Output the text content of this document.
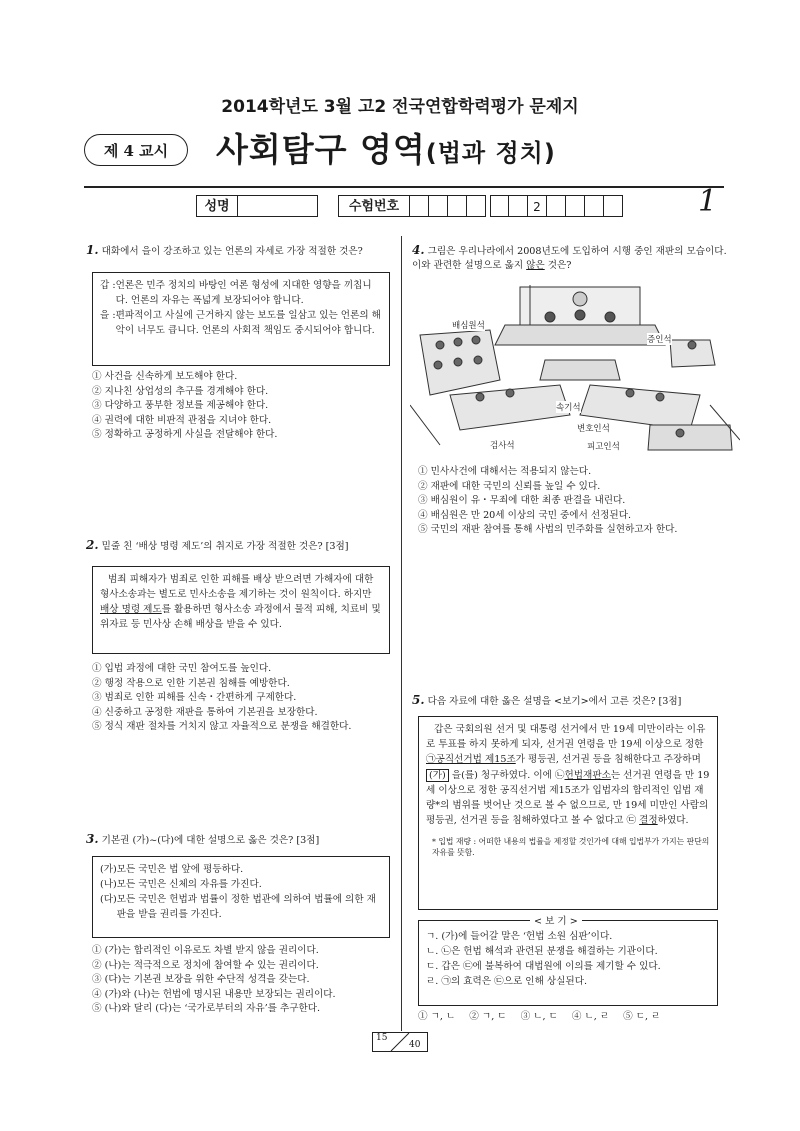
2014학년도 3월 고2 전국연합학력평가 문제지
제 4 교시	사회탐구 영역(법과 정치)
성명	수험번호	2	1
1. 대화에서 을이 강조하고 있는 언론의 자세로 가장 적절한 것은?
갑 : 언론은 민주 정치의 바탕인 여론 형성에 지대한 영향을 끼칩니다. 언론의 자유는 폭넓게 보장되어야 합니다.
을 : 편파적이고 사실에 근거하지 않는 보도를 일삼고 있는 언론의 해악이 너무도 큽니다. 언론의 사회적 책임도 중시되어야 합니다.
① 사건을 신속하게 보도해야 한다.
② 지나친 상업성의 추구를 경계해야 한다.
③ 다양하고 풍부한 정보를 제공해야 한다.
④ 권력에 대한 비판적 관점을 지녀야 한다.
⑤ 정확하고 공정하게 사실을 전달해야 한다.
2. 밑줄 친 ‘배상 명령 제도’의 취지로 가장 적절한 것은? [3점]
범죄 피해자가 범죄로 인한 피해를 배상 받으려면 가해자에 대한 형사소송과는 별도로 민사소송을 제기하는 것이 원칙이다. 하지만 배상 명령 제도를 활용하면 형사소송 과정에서 물적 피해, 치료비 및 위자료 등 민사상 손해 배상을 받을 수 있다.
① 입법 과정에 대한 국민 참여도를 높인다.
② 행정 작용으로 인한 기본권 침해를 예방한다.
③ 범죄로 인한 피해를 신속・간편하게 구제한다.
④ 신중하고 공정한 재판을 통하여 기본권을 보장한다.
⑤ 정식 재판 절차를 거치지 않고 자율적으로 분쟁을 해결한다.
3. 기본권 (가)~(다)에 대한 설명으로 옳은 것은? [3점]
(가) 모든 국민은 법 앞에 평등하다.
(나) 모든 국민은 신체의 자유를 가진다.
(다) 모든 국민은 헌법과 법률이 정한 법관에 의하여 법률에 의한 재판을 받을 권리를 가진다.
① (가)는 합리적인 이유로도 차별 받지 않을 권리이다.
② (나)는 적극적으로 정치에 참여할 수 있는 권리이다.
③ (다)는 기본권 보장을 위한 수단적 성격을 갖는다.
④ (가)와 (나)는 헌법에 명시된 내용만 보장되는 권리이다.
⑤ (나)와 달리 (다)는 ‘국가로부터의 자유’를 추구한다.
4. 그림은 우리나라에서 2008년도에 도입하여 시행 중인 재판의 모습이다. 이와 관련한 설명으로 옳지 않은 것은?
배심원석
증인석
속기석
변호인석
검사석	피고인석
① 민사사건에 대해서는 적용되지 않는다.
② 재판에 대한 국민의 신뢰를 높일 수 있다.
③ 배심원이 유・무죄에 대한 최종 판결을 내린다.
④ 배심원은 만 20세 이상의 국민 중에서 선정된다.
⑤ 국민의 재판 참여를 통해 사법의 민주화를 실현하고자 한다.
5. 다음 자료에 대한 옳은 설명을 <보기>에서 고른 것은? [3점]
갑은 국회의원 선거 및 대통령 선거에서 만 19세 미만이라는 이유로 투표를 하지 못하게 되자, 선거권 연령을 만 19세 이상으로 정한 ㉠공직선거법 제15조가 평등권, 선거권 등을 침해한다고 주장하며 (가) 을(를) 청구하였다. 이에 ㉡헌법재판소는 선거권 연령을 만 19세 이상으로 정한 공직선거법 제15조가 입법자의 합리적인 입법 재량*의 범위를 벗어난 것으로 볼 수 없으므로, 만 19세 미만인 사람의 평등권, 선거권 등을 침해하였다고 볼 수 없다고 ㉢ 결정하였다.
* 입법 재량 : 어떠한 내용의 법률을 제정할 것인가에 대해 입법부가 가지는 판단의 자유를 뜻함.
ㄱ. (가)에 들어갈 말은 ‘헌법 소원 심판’이다.
ㄴ. ㉡은 헌법 해석과 관련된 분쟁을 해결하는 기관이다.
ㄷ. 갑은 ㉢에 불복하여 대법원에 이의를 제기할 수 있다.
ㄹ. ㉠의 효력은 ㉢으로 인해 상실된다.
< 보 기 >
① ㄱ, ㄴ ② ㄱ, ㄷ ③ ㄴ, ㄷ ④ ㄴ, ㄹ ⑤ ㄷ, ㄹ
15
40
